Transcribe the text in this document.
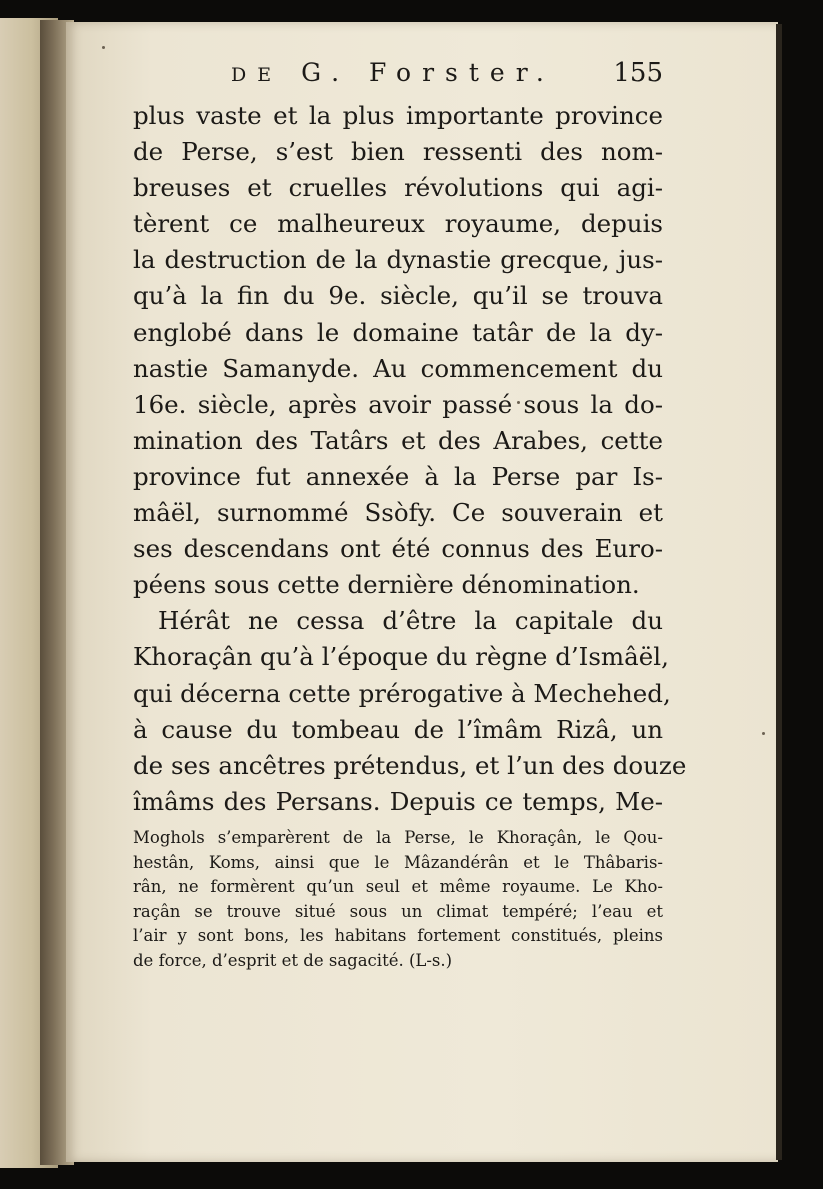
DE G. Forster. 155
plus vaste et la plus importante province
de Perse, s’est bien ressenti des nom-
breuses et cruelles révolutions qui agi-
tèrent ce malheureux royaume, depuis
la destruction de la dynastie grecque, jus-
qu’à la fin du 9e. siècle, qu’il se trouva
englobé dans le domaine tatâr de la dy-
nastie Samanyde. Au commencement du
16e. siècle, après avoir passé sous la do-
mination des Tatârs et des Arabes, cette
province fut annexée à la Perse par Is-
mâël, surnommé Ssòfy. Ce souverain et
ses descendans ont été connus des Euro-
péens sous cette dernière dénomination.
Hérât ne cessa d’être la capitale du
Khoraçân qu’à l’époque du règne d’Ismâël,
qui décerna cette prérogative à Mechehed,
à cause du tombeau de l’îmâm Rizâ, un
de ses ancêtres prétendus, et l’un des douze
îmâms des Persans. Depuis ce temps, Me-
Moghols s’emparèrent de la Perse, le Khoraçân, le Qou-
hestân, Koms, ainsi que le Mâzandérân et le Thâbaris-
rân, ne formèrent qu’un seul et même royaume. Le Kho-
raçân se trouve situé sous un climat tempéré; l’eau et
l’air y sont bons, les habitans fortement constitués, pleins
de force, d’esprit et de sagacité. (L-s.)
